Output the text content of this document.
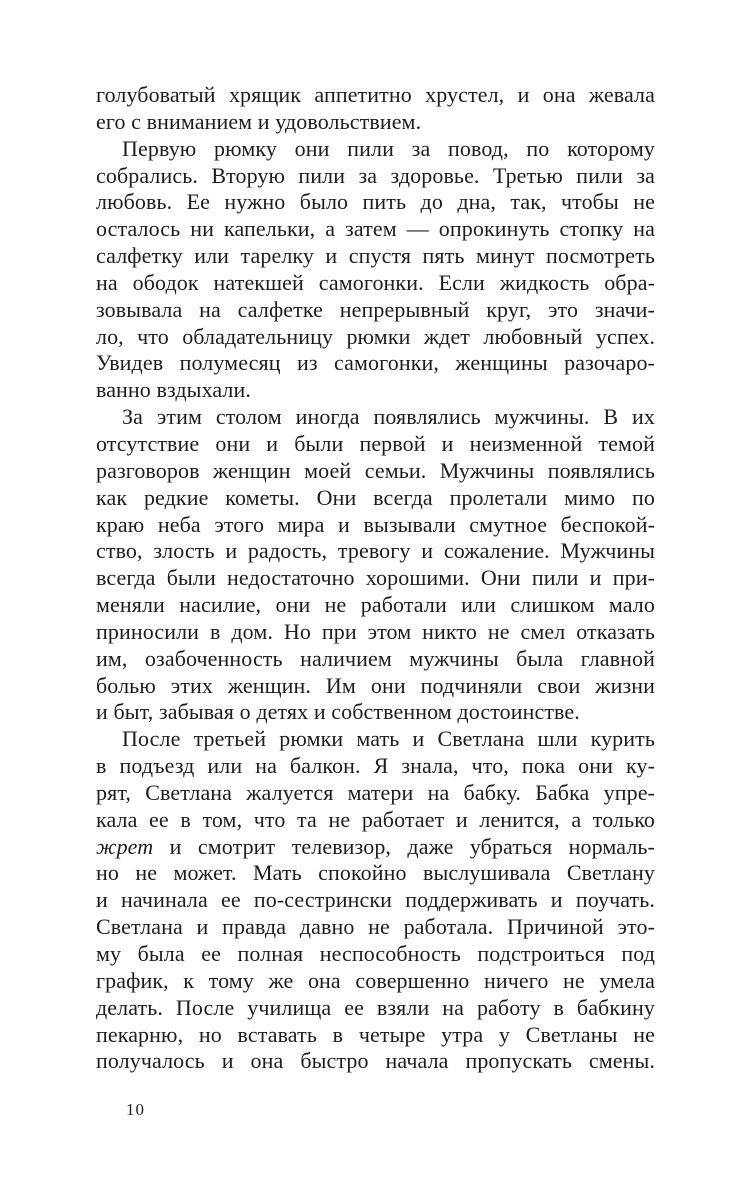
голубоватый хрящик аппетитно хрустел, и она жевала
его с вниманием и удовольствием.
Первую рюмку они пили за повод, по которому
собрались. Вторую пили за здоровье. Третью пили за
любовь. Ее нужно было пить до дна, так, чтобы не
осталось ни капельки, а затем — опрокинуть стопку на
салфетку или тарелку и спустя пять минут посмотреть
на ободок натекшей самогонки. Если жидкость обра-
зовывала на салфетке непрерывный круг, это значи-
ло, что обладательницу рюмки ждет любовный успех.
Увидев полумесяц из самогонки, женщины разочаро-
ванно вздыхали.
За этим столом иногда появлялись мужчины. В их
отсутствие они и были первой и неизменной темой
разговоров женщин моей семьи. Мужчины появлялись
как редкие кометы. Они всегда пролетали мимо по
краю неба этого мира и вызывали смутное беспокой-
ство, злость и радость, тревогу и сожаление. Мужчины
всегда были недостаточно хорошими. Они пили и при-
меняли насилие, они не работали или слишком мало
приносили в дом. Но при этом никто не смел отказать
им, озабоченность наличием мужчины была главной
болью этих женщин. Им они подчиняли свои жизни
и быт, забывая о детях и собственном достоинстве.
После третьей рюмки мать и Светлана шли курить
в подъезд или на балкон. Я знала, что, пока они ку-
рят, Светлана жалуется матери на бабку. Бабка упре-
кала ее в том, что та не работает и ленится, а только
жрет и смотрит телевизор, даже убраться нормаль-
но не может. Мать спокойно выслушивала Светлану
и начинала ее по-сестрински поддерживать и поучать.
Светлана и правда давно не работала. Причиной это-
му была ее полная неспособность подстроиться под
график, к тому же она совершенно ничего не умела
делать. После училища ее взяли на работу в бабкину
пекарню, но вставать в четыре утра у Светланы не
получалось и она быстро начала пропускать смены.
10
